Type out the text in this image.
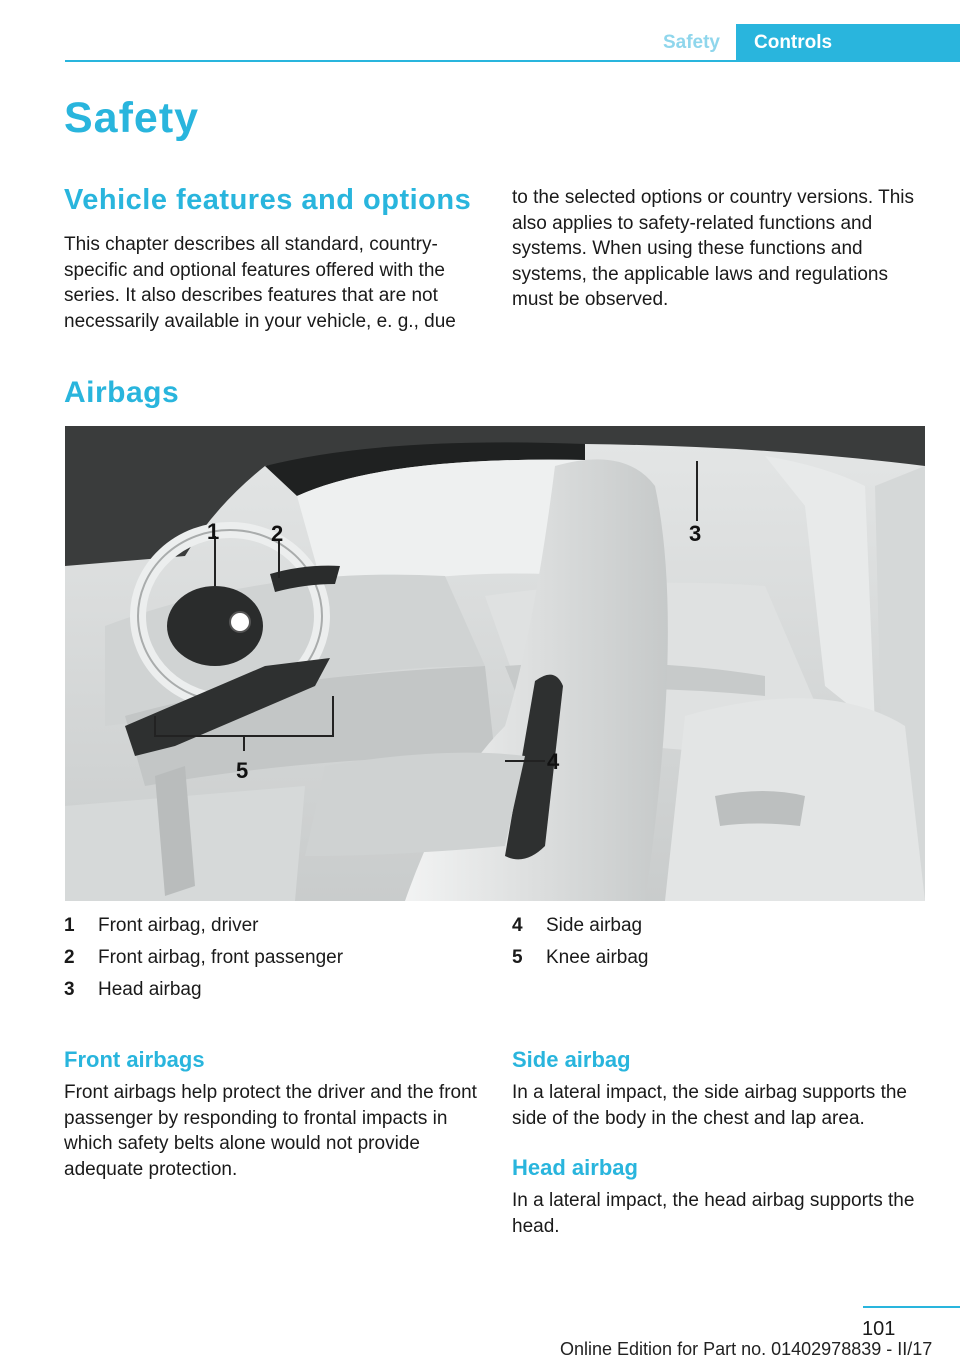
Safety	Controls
Safety
Vehicle features and options

This chapter describes all standard, country-specific and optional features offered with the series. It also describes features that are not necessarily available in your vehicle, e. g., due

to the selected options or country versions. This also applies to safety-related functions and systems. When using these functions and systems, the applicable laws and regulations must be observed.

Airbags
1 2	3
4
5
1	Front airbag, driver
2	Front airbag, front passenger
3	Head airbag
4	Side airbag
5	Knee airbag
Front airbags

Front airbags help protect the driver and the front passenger by responding to frontal impacts in which safety belts alone would not provide adequate protection.

Side airbag

In a lateral impact, the side airbag supports the side of the body in the chest and lap area.

Head airbag

In a lateral impact, the head airbag supports the head.

101
Online Edition for Part no. 01402978839 - II/17
